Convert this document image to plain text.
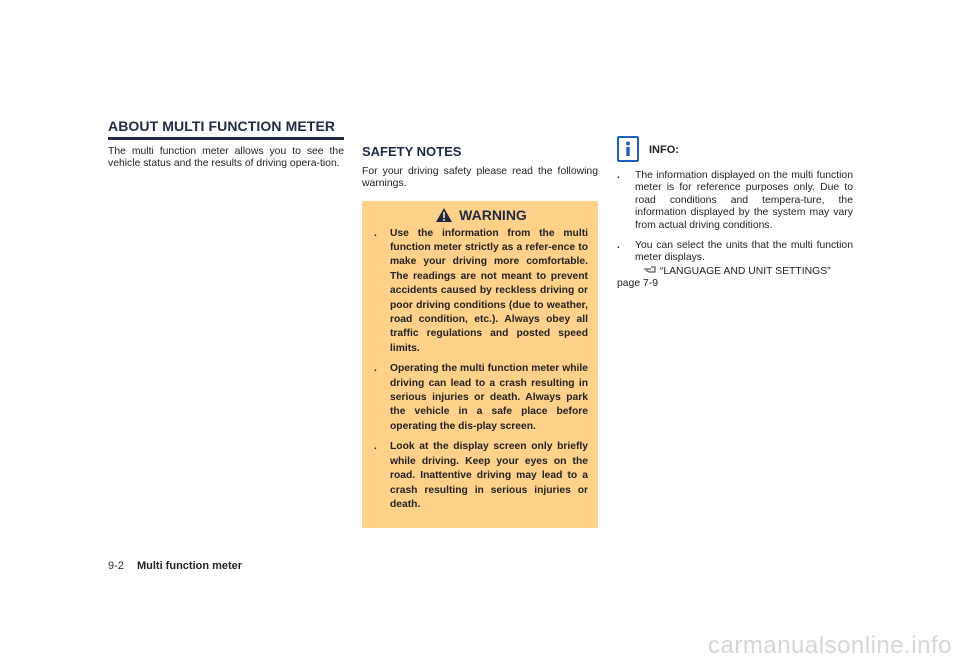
ABOUT MULTI FUNCTION METER

The multi function meter allows you to see the vehicle status and the results of driving opera-tion.

SAFETY NOTES

For your driving safety please read the following warnings.

WARNING
. Use the information from the multi function meter strictly as a refer-ence to make your driving more comfortable. The readings are not meant to prevent accidents caused by reckless driving or poor driving conditions (due to weather, road condition, etc.). Always obey all traffic regulations and posted speed limits.
. Operating the multi function meter while driving can lead to a crash resulting in serious injuries or death. Always park the vehicle in a safe place before operating the dis-play screen.
. Look at the display screen only briefly while driving. Keep your eyes on the road. Inattentive driving may lead to a crash resulting in serious injuries or death.
INFO:
. The information displayed on the multi function meter is for reference purposes only. Due to road conditions and tempera-ture, the information displayed by the system may vary from actual driving conditions.
. You can select the units that the multi function meter displays.
“LANGUAGE AND UNIT SETTINGS”
page 7-9
9-2 Multi function meter
carmanualsonline.info
